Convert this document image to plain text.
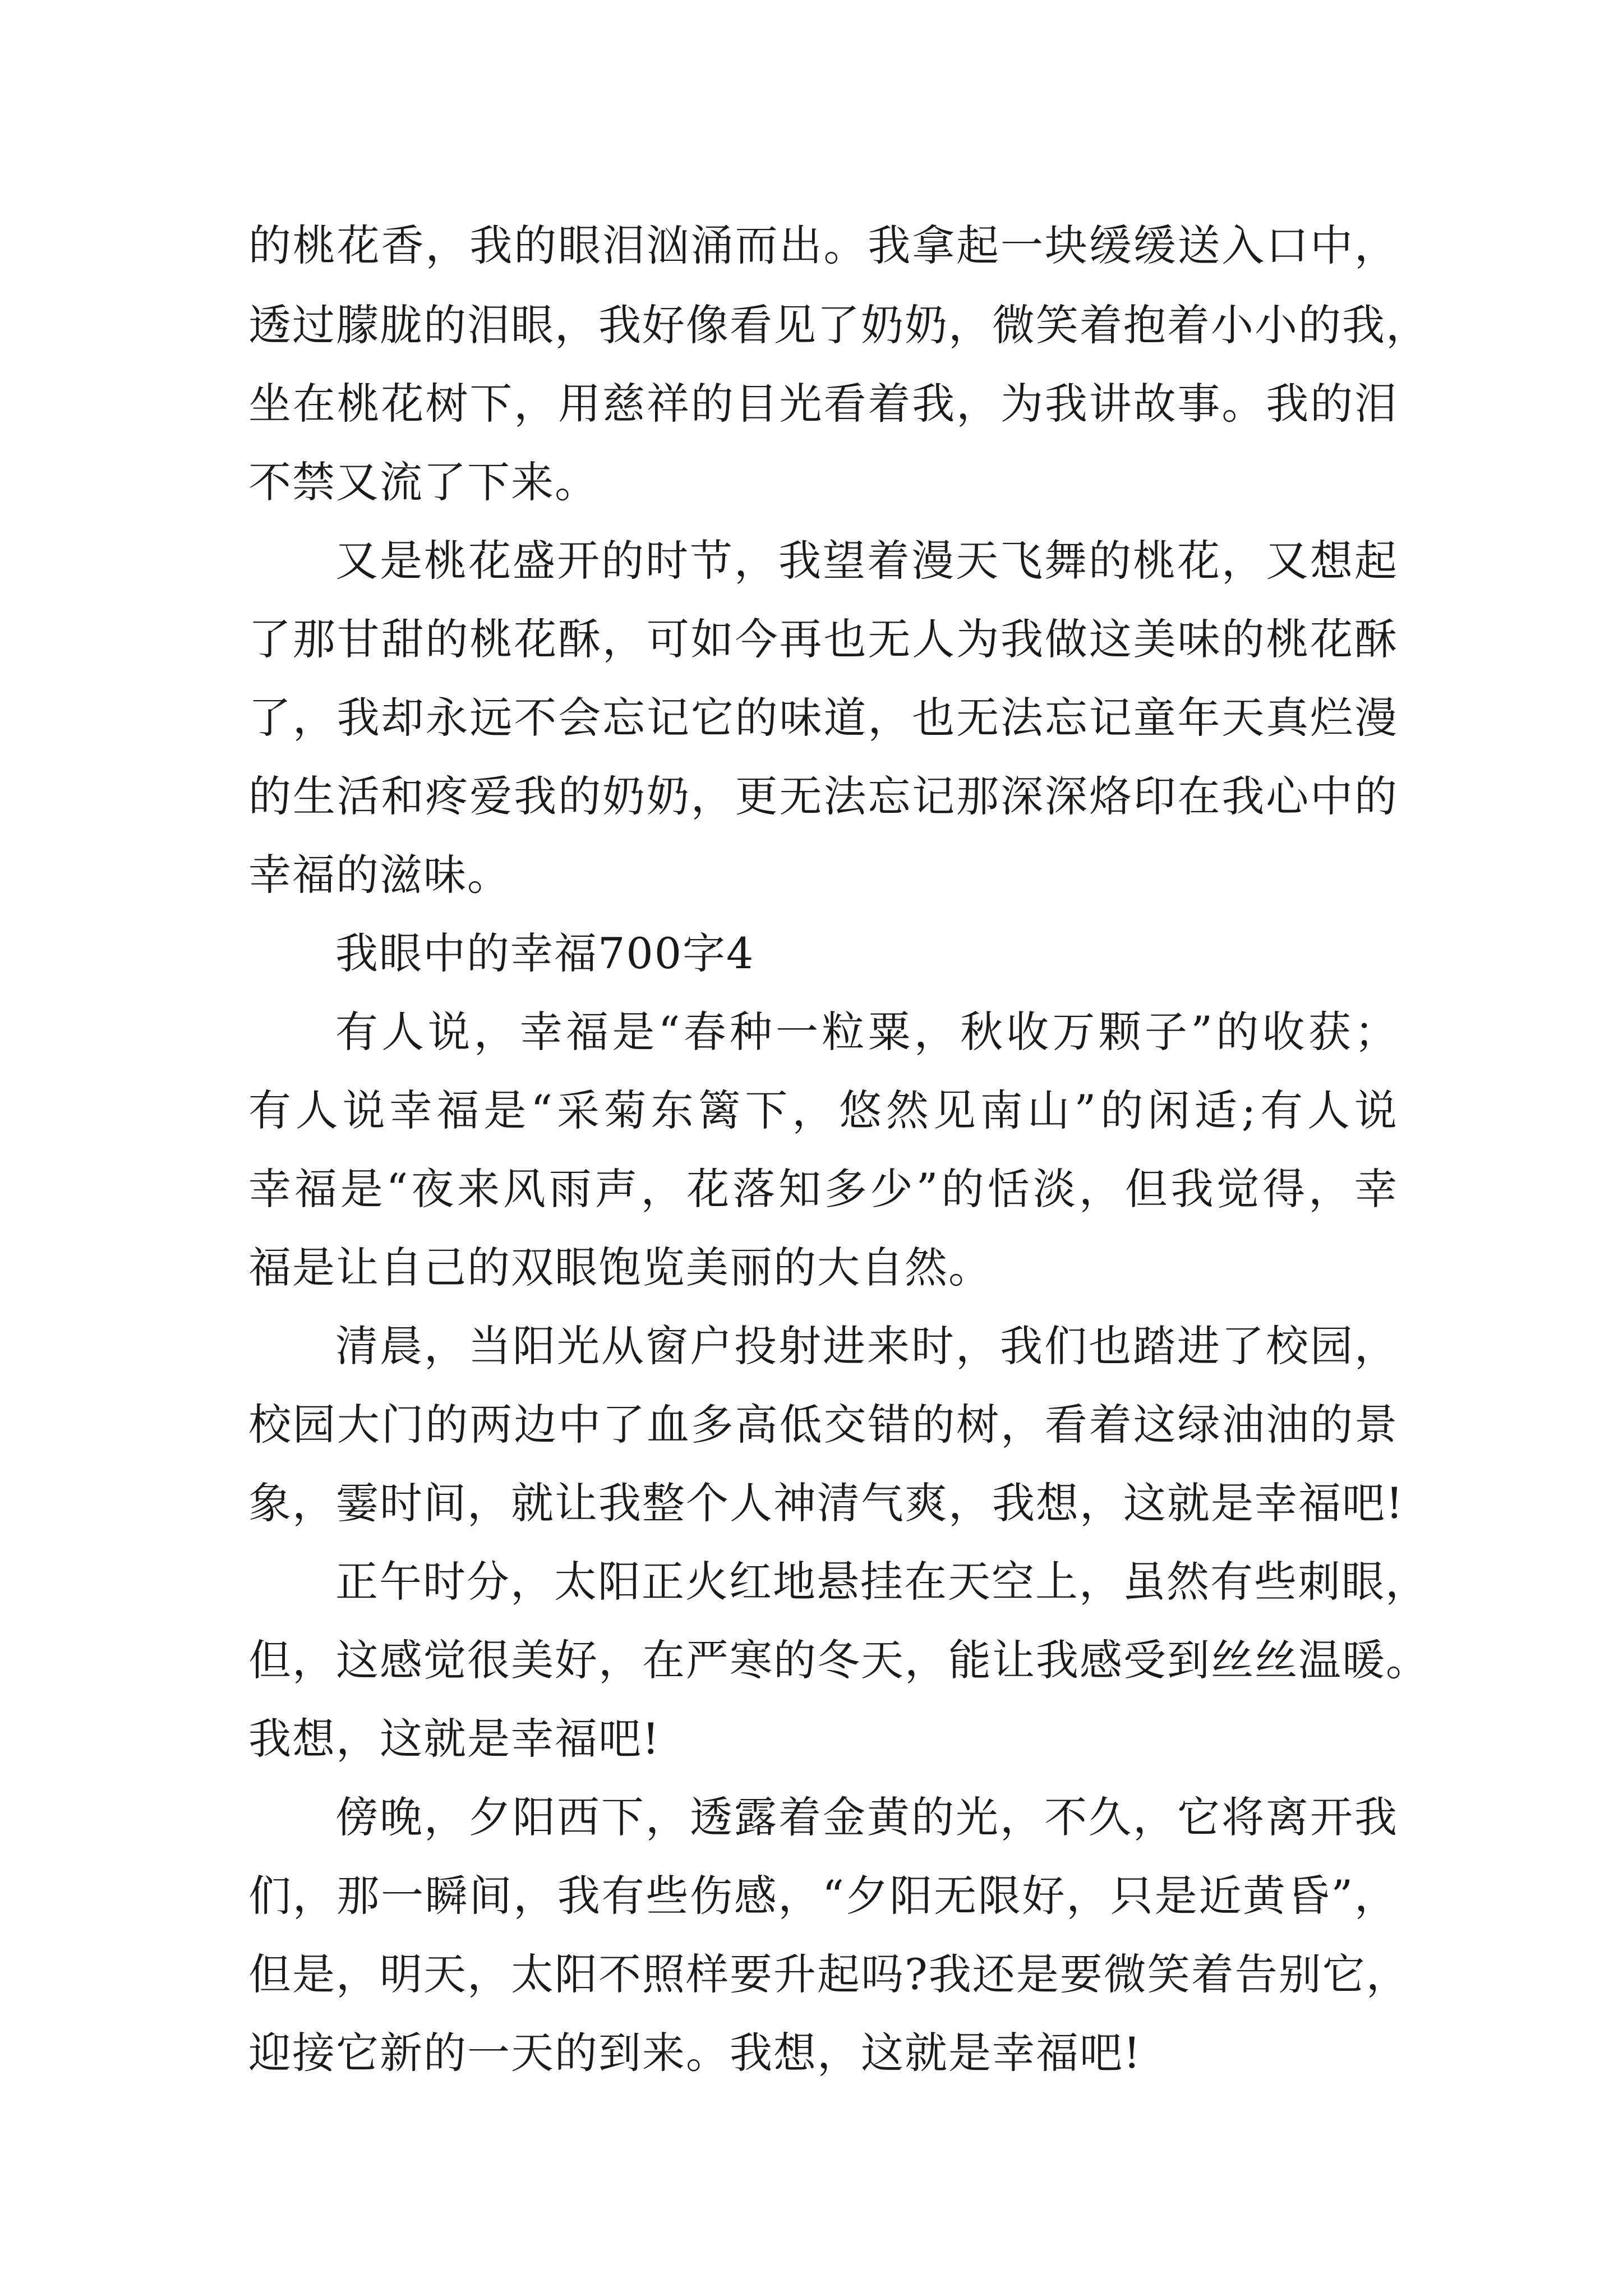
的桃花香，我的眼泪汹涌而出。我拿起一块缓缓送入口中，
透过朦胧的泪眼，我好像看见了奶奶，微笑着抱着小小的我，
坐在桃花树下，用慈祥的目光看着我，为我讲故事。我的泪
不禁又流了下来。
又是桃花盛开的时节，我望着漫天飞舞的桃花，又想起
了那甘甜的桃花酥，可如今再也无人为我做这美味的桃花酥
了，我却永远不会忘记它的味道，也无法忘记童年天真烂漫
的生活和疼爱我的奶奶，更无法忘记那深深烙印在我心中的
幸福的滋味。
我眼中的幸福700字4
有人说，幸福是“春种一粒粟，秋收万颗子”的收获；
有人说幸福是“采菊东篱下，悠然见南山”的闲适;有人说
幸福是“夜来风雨声，花落知多少”的恬淡，但我觉得，幸
福是让自己的双眼饱览美丽的大自然。
清晨，当阳光从窗户投射进来时，我们也踏进了校园，
校园大门的两边中了血多高低交错的树，看着这绿油油的景
象，霎时间，就让我整个人神清气爽，我想，这就是幸福吧!
正午时分，太阳正火红地悬挂在天空上，虽然有些刺眼，
但，这感觉很美好，在严寒的冬天，能让我感受到丝丝温暖。
我想，这就是幸福吧!
傍晚，夕阳西下，透露着金黄的光，不久，它将离开我
们，那一瞬间，我有些伤感，“夕阳无限好，只是近黄昏”，
但是，明天，太阳不照样要升起吗?我还是要微笑着告别它，
迎接它新的一天的到来。我想，这就是幸福吧!
